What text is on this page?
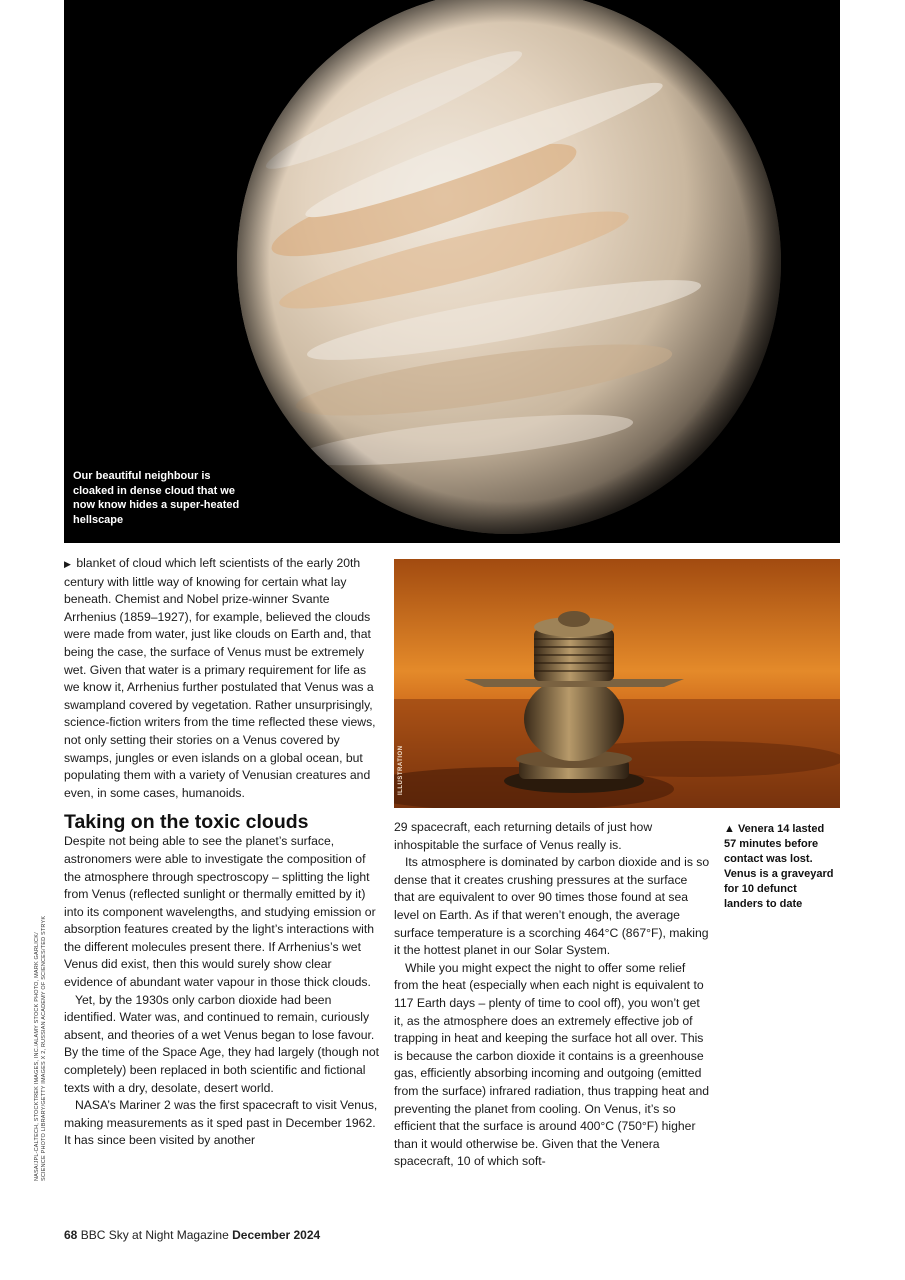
Our beautiful neighbour is cloaked in dense cloud that we now know hides a super-heated hellscape

▶ blanket of cloud which left scientists of the early 20th century with little way of knowing for certain what lay beneath. Chemist and Nobel prize-winner Svante Arrhenius (1859–1927), for example, believed the clouds were made from water, just like clouds on Earth and, that being the case, the surface of Venus must be extremely wet. Given that water is a primary requirement for life as we know it, Arrhenius further postulated that Venus was a swampland covered by vegetation. Rather unsurprisingly, science-fiction writers from the time reflected these views, not only setting their stories on a Venus covered by swamps, jungles or even islands on a global ocean, but populating them with a variety of Venusian creatures and even, in some cases, humanoids.

Taking on the toxic clouds

Despite not being able to see the planet’s surface, astronomers were able to investigate the composition of the atmosphere through spectroscopy – splitting the light from Venus (reflected sunlight or thermally emitted by it) into its component wavelengths, and studying emission or absorption features created by the light’s interactions with the different molecules present there. If Arrhenius’s wet Venus did exist, then this would surely show clear evidence of abundant water vapour in those thick clouds.

Yet, by the 1930s only carbon dioxide had been identified. Water was, and continued to remain, curiously absent, and theories of a wet Venus began to lose favour. By the time of the Space Age, they had largely (though not completely) been replaced in both scientific and fictional texts with a dry, desolate, desert world.

NASA’s Mariner 2 was the first spacecraft to visit Venus, making measurements as it sped past in December 1962. It has since been visited by another

ILLUSTRATION

29 spacecraft, each returning details of just how inhospitable the surface of Venus really is.

Its atmosphere is dominated by carbon dioxide and is so dense that it creates crushing pressures at the surface that are equivalent to over 90 times those found at sea level on Earth. As if that weren’t enough, the average surface temperature is a scorching 464°C (867°F), making it the hottest planet in our Solar System.

While you might expect the night to offer some relief from the heat (especially when each night is equivalent to 117 Earth days – plenty of time to cool off), you won’t get it, as the atmosphere does an extremely effective job of trapping in heat and keeping the surface hot all over. This is because the carbon dioxide it contains is a greenhouse gas, efficiently absorbing incoming and outgoing (emitted from the surface) infrared radiation, thus trapping heat and preventing the planet from cooling. On Venus, it’s so efficient that the surface is around 400°C (750°F) higher than it would otherwise be. Given that the Venera spacecraft, 10 of which soft-

▲ Venera 14 lasted 57 minutes before contact was lost. Venus is a graveyard for 10 defunct landers to date
NASA/JPL-CALTECH, STOCKTREK IMAGES, INC./ALAMY STOCK PHOTO, MARK GARLICK/ SCIENCE PHOTO LIBRARY/GETTY IMAGES X 2, RUSSIAN ACADEMY OF SCIENCES/TED STRYK
68 BBC Sky at Night Magazine December 2024
